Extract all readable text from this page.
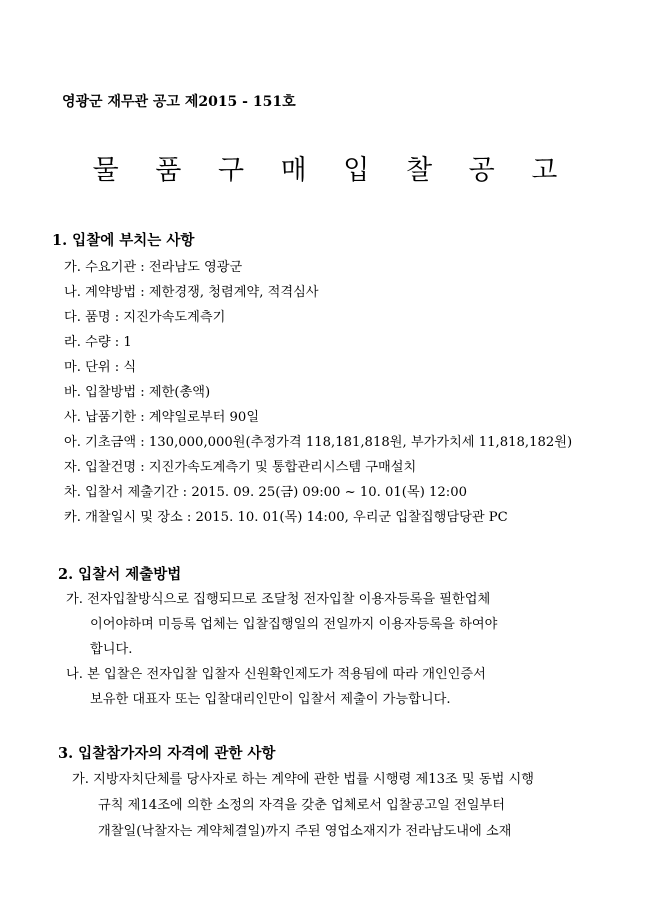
영광군 재무관 공고 제2015 - 151호
물 품 구 매 입 찰 공 고
1. 입찰에 부치는 사항
가. 수요기관 : 전라남도 영광군
나. 계약방법 : 제한경쟁, 청렴계약, 적격심사
다. 품명 : 지진가속도계측기
라. 수량 : 1
마. 단위 : 식
바. 입찰방법 : 제한(총액)
사. 납품기한 : 계약일로부터 90일
아. 기초금액 : 130,000,000원(추정가격 118,181,818원, 부가가치세 11,818,182원)
자. 입찰건명 : 지진가속도계측기 및 통합관리시스템 구매설치
차. 입찰서 제출기간 : 2015. 09. 25(금) 09:00 ~ 10. 01(목) 12:00
카. 개찰일시 및 장소 : 2015. 10. 01(목) 14:00, 우리군 입찰집행담당관 PC
2. 입찰서 제출방법
가. 전자입찰방식으로 집행되므로 조달청 전자입찰 이용자등록을 필한업체
이어야하며 미등록 업체는 입찰집행일의 전일까지 이용자등록을 하여야
합니다.
나. 본 입찰은 전자입찰 입찰자 신원확인제도가 적용됨에 따라 개인인증서
보유한 대표자 또는 입찰대리인만이 입찰서 제출이 가능합니다.
3. 입찰참가자의 자격에 관한 사항
가. 지방자치단체를 당사자로 하는 계약에 관한 법률 시행령 제13조 및 동법 시행
규칙 제14조에 의한 소정의 자격을 갖춘 업체로서 입찰공고일 전일부터
개찰일(낙찰자는 계약체결일)까지 주된 영업소재지가 전라남도내에 소재
